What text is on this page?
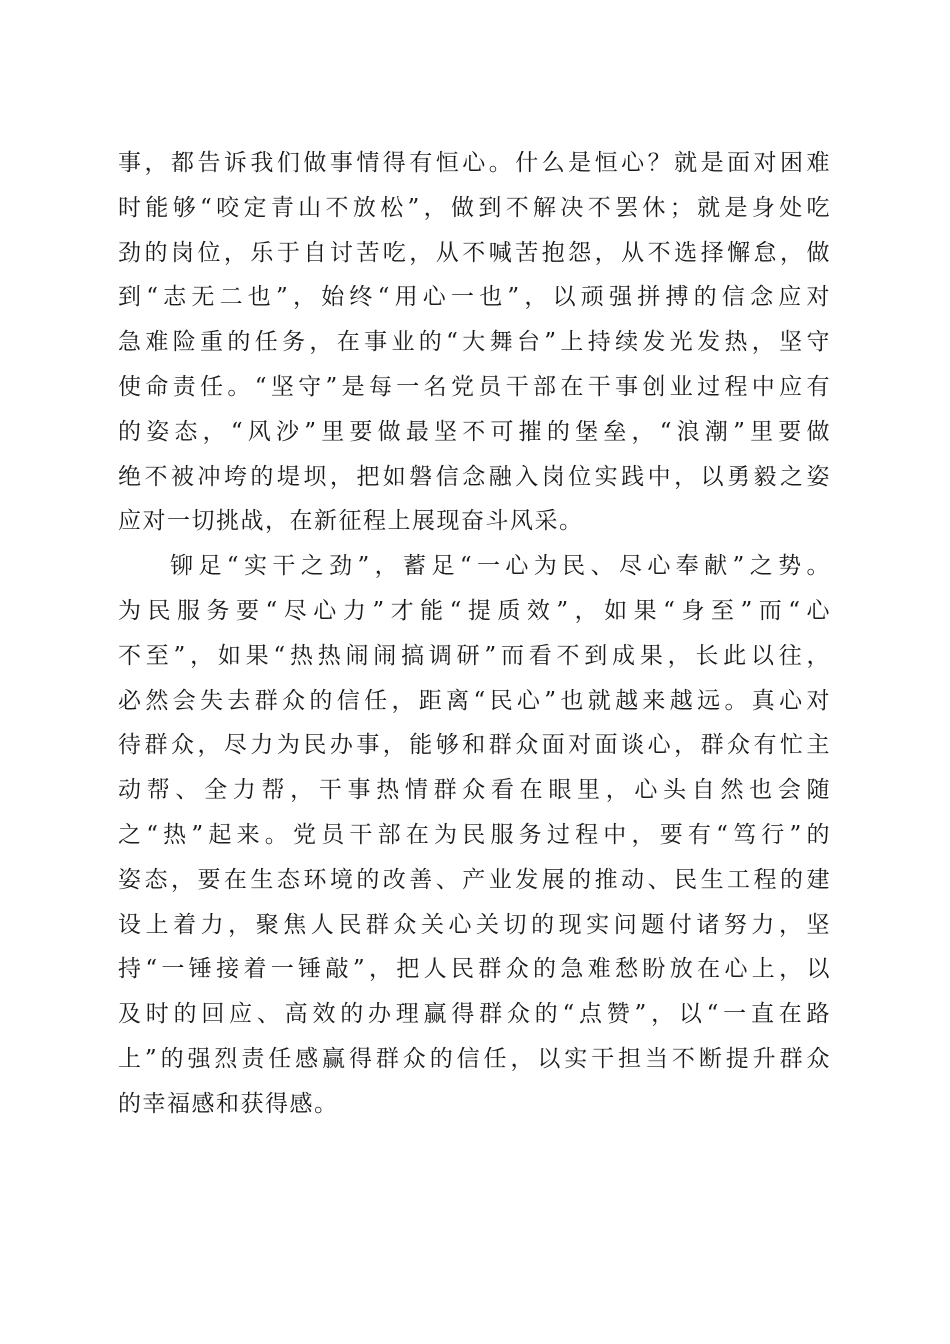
事，都告诉我们做事情得有恒心。什么是恒心？就是面对困难
时能够“咬定青山不放松”，做到不解决不罢休；就是身处吃
劲的岗位，乐于自讨苦吃，从不喊苦抱怨，从不选择懈怠，做
到“志无二也”，始终“用心一也”，以顽强拼搏的信念应对
急难险重的任务，在事业的“大舞台”上持续发光发热，坚守
使命责任。“坚守”是每一名党员干部在干事创业过程中应有
的姿态，“风沙”里要做最坚不可摧的堡垒，“浪潮”里要做
绝不被冲垮的堤坝，把如磐信念融入岗位实践中，以勇毅之姿
应对一切挑战，在新征程上展现奋斗风采。
铆足“实干之劲”，蓄足“一心为民、尽心奉献”之势。
为民服务要“尽心力”才能“提质效”，如果“身至”而“心
不至”，如果“热热闹闹搞调研”而看不到成果，长此以往，
必然会失去群众的信任，距离“民心”也就越来越远。真心对
待群众，尽力为民办事，能够和群众面对面谈心，群众有忙主
动帮、全力帮，干事热情群众看在眼里，心头自然也会随
之“热”起来。党员干部在为民服务过程中，要有“笃行”的
姿态，要在生态环境的改善、产业发展的推动、民生工程的建
设上着力，聚焦人民群众关心关切的现实问题付诸努力，坚
持“一锤接着一锤敲”，把人民群众的急难愁盼放在心上，以
及时的回应、高效的办理赢得群众的“点赞”，以“一直在路
上”的强烈责任感赢得群众的信任，以实干担当不断提升群众
的幸福感和获得感。
